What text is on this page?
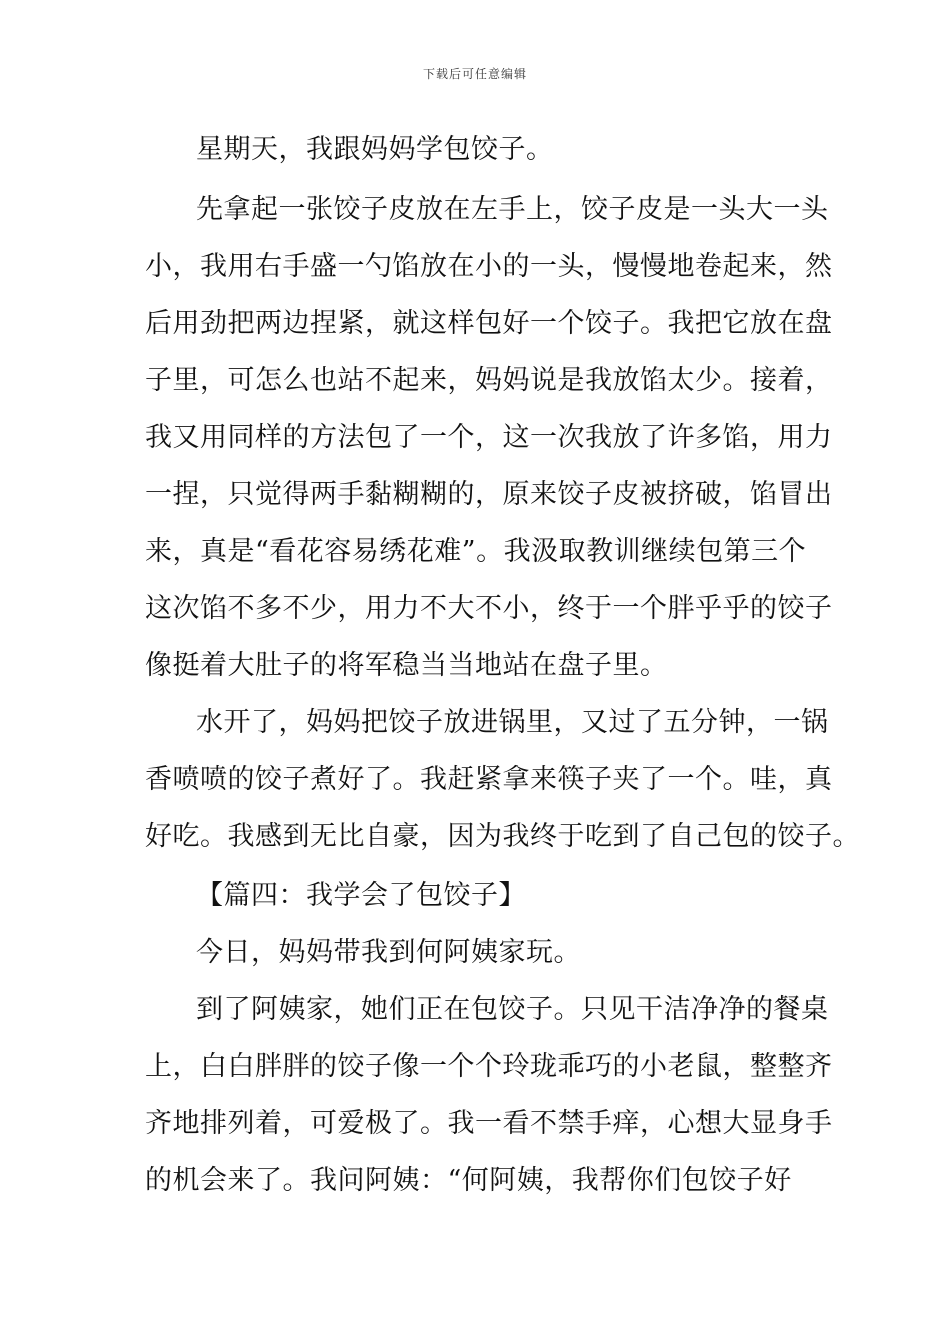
下载后可任意编辑
星期天，我跟妈妈学包饺子。
先拿起一张饺子皮放在左手上，饺子皮是一头大一头
小，我用右手盛一勺馅放在小的一头，慢慢地卷起来，然
后用劲把两边捏紧，就这样包好一个饺子。我把它放在盘
子里，可怎么也站不起来，妈妈说是我放馅太少。接着，
我又用同样的方法包了一个，这一次我放了许多馅，用力
一捏，只觉得两手黏糊糊的，原来饺子皮被挤破，馅冒出
来，真是“看花容易绣花难”。我汲取教训继续包第三个
这次馅不多不少，用力不大不小，终于一个胖乎乎的饺子
像挺着大肚子的将军稳当当地站在盘子里。
水开了，妈妈把饺子放进锅里，又过了五分钟，一锅
香喷喷的饺子煮好了。我赶紧拿来筷子夹了一个。哇，真
好吃。我感到无比自豪，因为我终于吃到了自己包的饺子。
【篇四：我学会了包饺子】
今日，妈妈带我到何阿姨家玩。
到了阿姨家，她们正在包饺子。只见干洁净净的餐桌
上，白白胖胖的饺子像一个个玲珑乖巧的小老鼠，整整齐
齐地排列着，可爱极了。我一看不禁手痒，心想大显身手
的机会来了。我问阿姨：“何阿姨，我帮你们包饺子好
